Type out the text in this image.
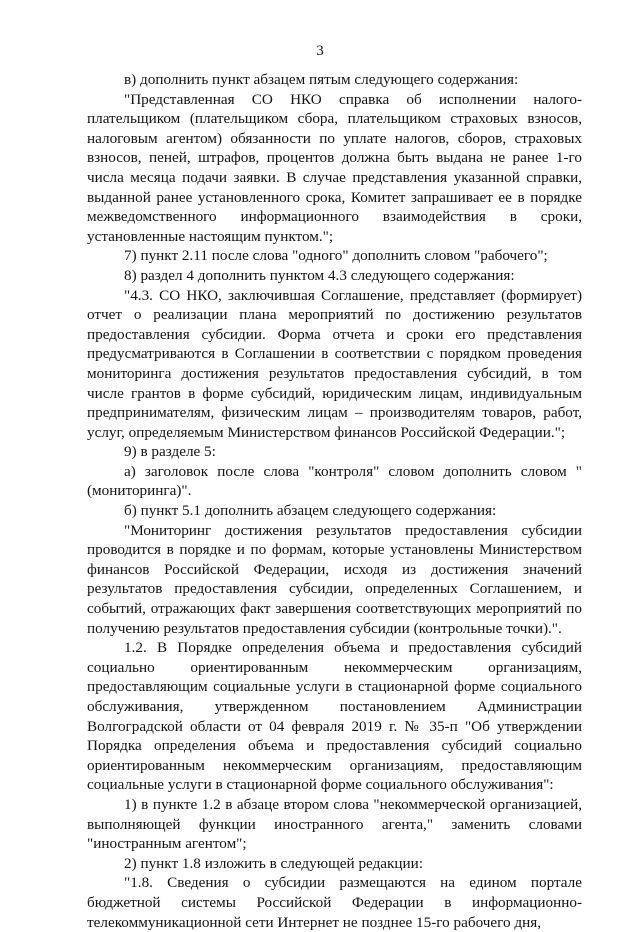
3

в) дополнить пункт абзацем пятым следующего содержания:

"Представленная СО НКО справка об исполнении налого-плательщиком (плательщиком сбора, плательщиком страховых взносов, налоговым агентом) обязанности по уплате налогов, сборов, страховых взносов, пеней, штрафов, процентов должна быть выдана не ранее 1-го числа месяца подачи заявки. В случае представления указанной справки, выданной ранее установленного срока, Комитет запрашивает ее в порядке межведомственного информационного взаимодействия в сроки, установленные настоящим пунктом.";

7) пункт 2.11 после слова "одного" дополнить словом "рабочего";

8) раздел 4 дополнить пунктом 4.3 следующего содержания:

"4.3. СО НКО, заключившая Соглашение, представляет (формирует) отчет о реализации плана мероприятий по достижению результатов предоставления субсидии. Форма отчета и сроки его представления предусматриваются в Соглашении в соответствии с порядком проведения мониторинга достижения результатов предоставления субсидий, в том числе грантов в форме субсидий, юридическим лицам, индивидуальным предпринимателям, физическим лицам – производителям товаров, работ, услуг, определяемым Министерством финансов Российской Федерации.";

9) в разделе 5:

а) заголовок после слова "контроля" словом дополнить словом "(мониторинга)".

б) пункт 5.1 дополнить абзацем следующего содержания:

"Мониторинг достижения результатов предоставления субсидии проводится в порядке и по формам, которые установлены Министерством финансов Российской Федерации, исходя из достижения значений результатов предоставления субсидии, определенных Соглашением, и событий, отражающих факт завершения соответствующих мероприятий по получению результатов предоставления субсидии (контрольные точки).".

1.2. В Порядке определения объема и предоставления субсидий социально ориентированным некоммерческим организациям, предоставляющим социальные услуги в стационарной форме социального обслуживания, утвержденном постановлением Администрации Волгоградской области от 04 февраля 2019 г. № 35-п "Об утверждении Порядка определения объема и предоставления субсидий социально ориентированным некоммерческим организациям, предоставляющим социальные услуги в стационарной форме социального обслуживания":

1) в пункте 1.2 в абзаце втором слова "некоммерческой организацией, выполняющей функции иностранного агента," заменить словами "иностранным агентом";

2) пункт 1.8 изложить в следующей редакции:

"1.8. Сведения о субсидии размещаются на едином портале бюджетной системы Российской Федерации в информационно-телекоммуникационной сети Интернет не позднее 15-го рабочего дня,
